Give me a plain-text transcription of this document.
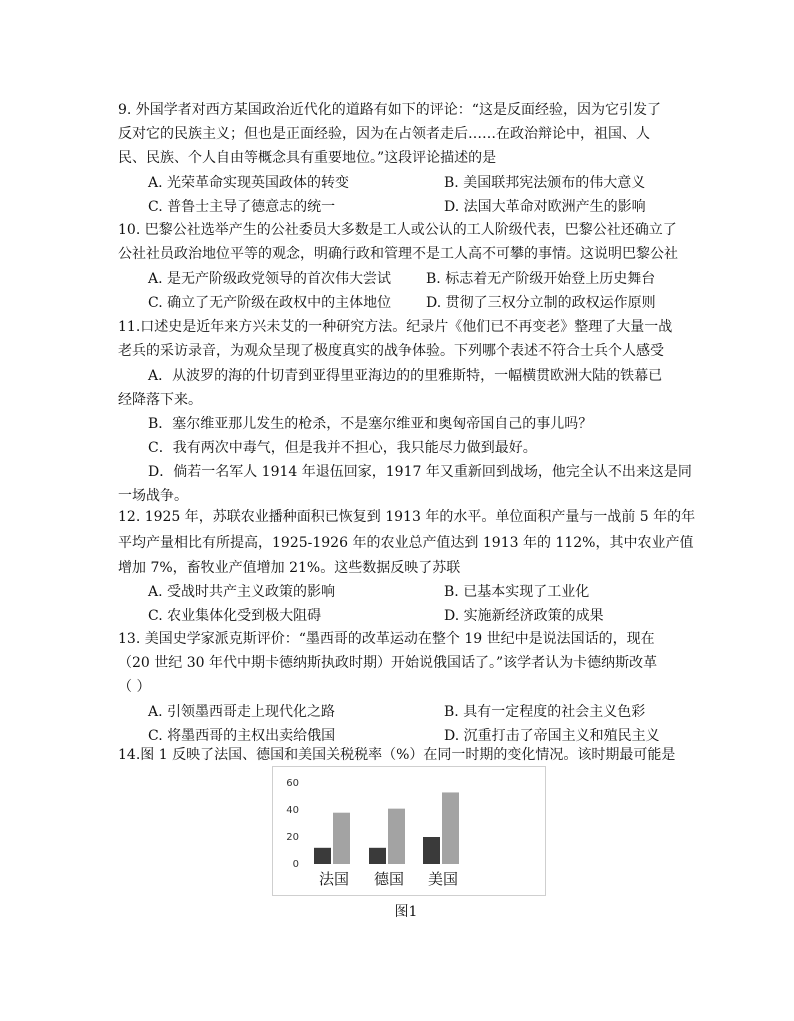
9. 外国学者对西方某国政治近代化的道路有如下的评论：“这是反面经验，因为它引发了
反对它的民族主义；但也是正面经验，因为在占领者走后……在政治辩论中，祖国、人
民、民族、个人自由等概念具有重要地位。”这段评论描述的是
A. 光荣革命实现英国政体的转变	B. 美国联邦宪法颁布的伟大意义
C. 普鲁士主导了德意志的统一	D. 法国大革命对欧洲产生的影响
10. 巴黎公社选举产生的公社委员大多数是工人或公认的工人阶级代表，巴黎公社还确立了
公社社员政治地位平等的观念，明确行政和管理不是工人高不可攀的事情。这说明巴黎公社
A. 是无产阶级政党领导的首次伟大尝试 B. 标志着无产阶级开始登上历史舞台
C. 确立了无产阶级在政权中的主体地位 D. 贯彻了三权分立制的政权运作原则
11.口述史是近年来方兴未艾的一种研究方法。纪录片《他们已不再变老》整理了大量一战
老兵的采访录音，为观众呈现了极度真实的战争体验。下列哪个表述不符合士兵个人感受
A．从波罗的海的什切青到亚得里亚海边的的里雅斯特，一幅横贯欧洲大陆的铁幕已
经降落下来。
B．塞尔维亚那儿发生的枪杀，不是塞尔维亚和奥匈帝国自己的事儿吗？
C．我有两次中毒气，但是我并不担心，我只能尽力做到最好。
D．倘若一名军人 1914 年退伍回家，1917 年又重新回到战场，他完全认不出来这是同
一场战争。
12. 1925 年，苏联农业播种面积已恢复到 1913 年的水平。单位面积产量与一战前 5 年的年
平均产量相比有所提高，1925-1926 年的农业总产值达到 1913 年的 112%，其中农业产值
增加 7%，畜牧业产值增加 21%。这些数据反映了苏联
A. 受战时共产主义政策的影响	B. 已基本实现了工业化
C. 农业集体化受到极大阻碍	D. 实施新经济政策的成果
13. 美国史学家派克斯评价：“墨西哥的改革运动在整个 19 世纪中是说法国话的，现在
（20 世纪 30 年代中期卡德纳斯执政时期）开始说俄国话了。”该学者认为卡德纳斯改革
（ ）
A. 引领墨西哥走上现代化之路	B. 具有一定程度的社会主义色彩
C. 将墨西哥的主权出卖给俄国	D. 沉重打击了帝国主义和殖民主义
14.图 1 反映了法国、德国和美国关税税率（%）在同一时期的变化情况。该时期最可能是
0
20
40
60
法国	德国	美国
图1
